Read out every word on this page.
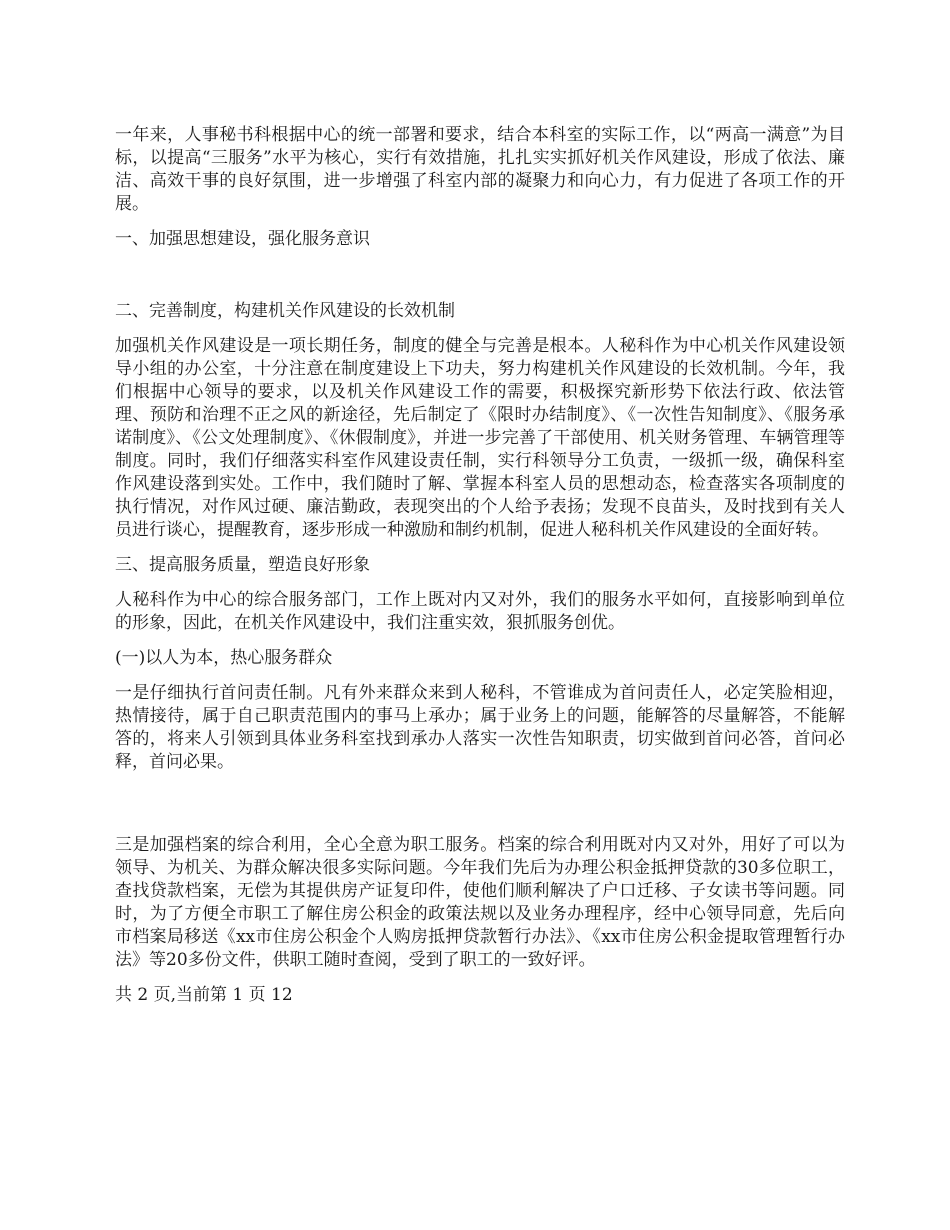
一年来，人事秘书科根据中心的统一部署和要求，结合本科室的实际工作，以“两高一满意”为目标，以提高“三服务”水平为核心，实行有效措施，扎扎实实抓好机关作风建设，形成了依法、廉洁、高效干事的良好氛围，进一步增强了科室内部的凝聚力和向心力，有力促进了各项工作的开展。

一、加强思想建设，强化服务意识

二、完善制度，构建机关作风建设的长效机制

加强机关作风建设是一项长期任务，制度的健全与完善是根本。人秘科作为中心机关作风建设领导小组的办公室，十分注意在制度建设上下功夫，努力构建机关作风建设的长效机制。今年，我们根据中心领导的要求，以及机关作风建设工作的需要，积极探究新形势下依法行政、依法管理、预防和治理不正之风的新途径，先后制定了《限时办结制度》、《一次性告知制度》、《服务承诺制度》、《公文处理制度》、《休假制度》，并进一步完善了干部使用、机关财务管理、车辆管理等制度。同时，我们仔细落实科室作风建设责任制，实行科领导分工负责，一级抓一级，确保科室作风建设落到实处。工作中，我们随时了解、掌握本科室人员的思想动态，检查落实各项制度的执行情况，对作风过硬、廉洁勤政，表现突出的个人给予表扬；发现不良苗头，及时找到有关人员进行谈心，提醒教育，逐步形成一种激励和制约机制，促进人秘科机关作风建设的全面好转。

三、提高服务质量，塑造良好形象

人秘科作为中心的综合服务部门，工作上既对内又对外，我们的服务水平如何，直接影响到单位的形象，因此，在机关作风建设中，我们注重实效，狠抓服务创优。

(一)以人为本，热心服务群众

一是仔细执行首问责任制。凡有外来群众来到人秘科，不管谁成为首问责任人，必定笑脸相迎，热情接待，属于自己职责范围内的事马上承办；属于业务上的问题，能解答的尽量解答，不能解答的，将来人引领到具体业务科室找到承办人落实一次性告知职责，切实做到首问必答，首问必释，首问必果。

三是加强档案的综合利用，全心全意为职工服务。档案的综合利用既对内又对外，用好了可以为领导、为机关、为群众解决很多实际问题。今年我们先后为办理公积金抵押贷款的30多位职工，查找贷款档案，无偿为其提供房产证复印件，使他们顺利解决了户口迁移、子女读书等问题。同时，为了方便全市职工了解住房公积金的政策法规以及业务办理程序，经中心领导同意，先后向市档案局移送《xx市住房公积金个人购房抵押贷款暂行办法》、《xx市住房公积金提取管理暂行办法》等20多份文件，供职工随时查阅，受到了职工的一致好评。

共 2 页,当前第 1 页 12
